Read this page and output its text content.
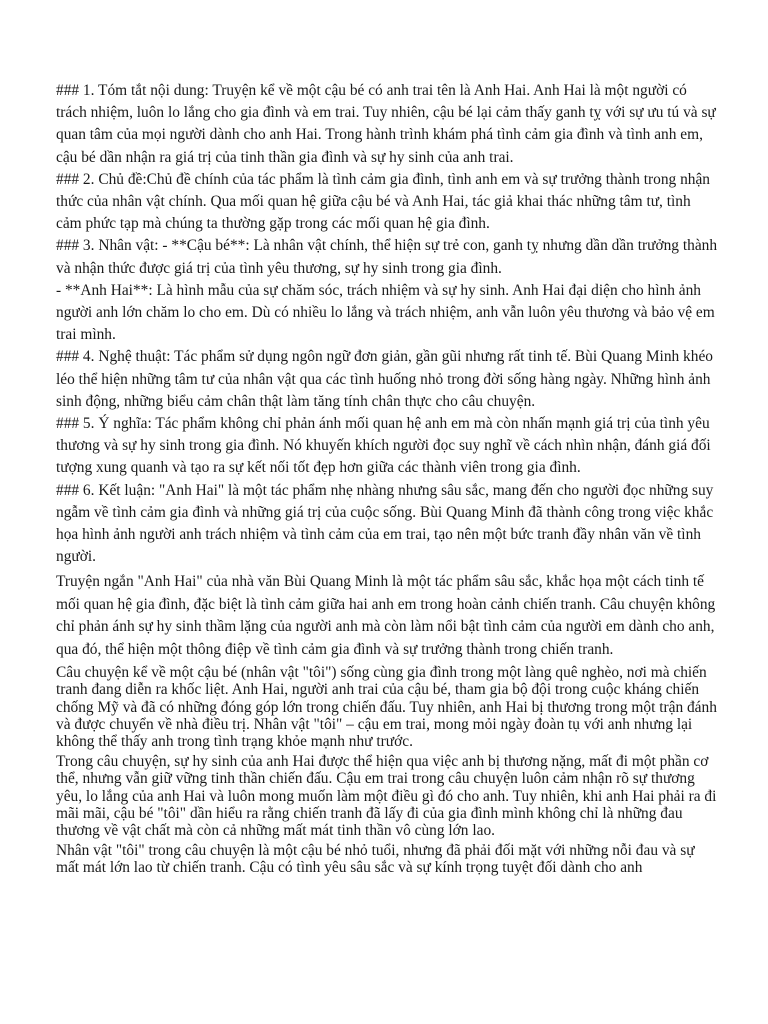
### 1. Tóm tắt nội dung: Truyện kể về một cậu bé có anh trai tên là Anh Hai. Anh Hai là một người có trách nhiệm, luôn lo lắng cho gia đình và em trai. Tuy nhiên, cậu bé lại cảm thấy ganh tỵ với sự ưu tú và sự quan tâm của mọi người dành cho anh Hai. Trong hành trình khám phá tình cảm gia đình và tình anh em, cậu bé dần nhận ra giá trị của tinh thần gia đình và sự hy sinh của anh trai.

### 2. Chủ đề:Chủ đề chính của tác phẩm là tình cảm gia đình, tình anh em và sự trưởng thành trong nhận thức của nhân vật chính. Qua mối quan hệ giữa cậu bé và Anh Hai, tác giả khai thác những tâm tư, tình cảm phức tạp mà chúng ta thường gặp trong các mối quan hệ gia đình.

### 3. Nhân vật: - **Cậu bé**: Là nhân vật chính, thể hiện sự trẻ con, ganh tỵ nhưng dần dần trưởng thành và nhận thức được giá trị của tình yêu thương, sự hy sinh trong gia đình.

- **Anh Hai**: Là hình mẫu của sự chăm sóc, trách nhiệm và sự hy sinh. Anh Hai đại diện cho hình ảnh người anh lớn chăm lo cho em. Dù có nhiều lo lắng và trách nhiệm, anh vẫn luôn yêu thương và bảo vệ em trai mình.

### 4. Nghệ thuật: Tác phẩm sử dụng ngôn ngữ đơn giản, gần gũi nhưng rất tinh tế. Bùi Quang Minh khéo léo thể hiện những tâm tư của nhân vật qua các tình huống nhỏ trong đời sống hàng ngày. Những hình ảnh sinh động, những biểu cảm chân thật làm tăng tính chân thực cho câu chuyện.

### 5. Ý nghĩa: Tác phẩm không chỉ phản ánh mối quan hệ anh em mà còn nhấn mạnh giá trị của tình yêu thương và sự hy sinh trong gia đình. Nó khuyến khích người đọc suy nghĩ về cách nhìn nhận, đánh giá đối tượng xung quanh và tạo ra sự kết nối tốt đẹp hơn giữa các thành viên trong gia đình.

### 6. Kết luận: "Anh Hai" là một tác phẩm nhẹ nhàng nhưng sâu sắc, mang đến cho người đọc những suy ngẫm về tình cảm gia đình và những giá trị của cuộc sống. Bùi Quang Minh đã thành công trong việc khắc họa hình ảnh người anh trách nhiệm và tình cảm của em trai, tạo nên một bức tranh đầy nhân văn về tình người.

Truyện ngắn "Anh Hai" của nhà văn Bùi Quang Minh là một tác phẩm sâu sắc, khắc họa một cách tinh tế mối quan hệ gia đình, đặc biệt là tình cảm giữa hai anh em trong hoàn cảnh chiến tranh. Câu chuyện không chỉ phản ánh sự hy sinh thầm lặng của người anh mà còn làm nổi bật tình cảm của người em dành cho anh, qua đó, thể hiện một thông điệp về tình cảm gia đình và sự trưởng thành trong chiến tranh.

Câu chuyện kể về một cậu bé (nhân vật "tôi") sống cùng gia đình trong một làng quê nghèo, nơi mà chiến tranh đang diễn ra khốc liệt. Anh Hai, người anh trai của cậu bé, tham gia bộ đội trong cuộc kháng chiến chống Mỹ và đã có những đóng góp lớn trong chiến đấu. Tuy nhiên, anh Hai bị thương trong một trận đánh và được chuyển về nhà điều trị. Nhân vật "tôi" – cậu em trai, mong mỏi ngày đoàn tụ với anh nhưng lại không thể thấy anh trong tình trạng khỏe mạnh như trước.

Trong câu chuyện, sự hy sinh của anh Hai được thể hiện qua việc anh bị thương nặng, mất đi một phần cơ thể, nhưng vẫn giữ vững tinh thần chiến đấu. Cậu em trai trong câu chuyện luôn cảm nhận rõ sự thương yêu, lo lắng của anh Hai và luôn mong muốn làm một điều gì đó cho anh. Tuy nhiên, khi anh Hai phải ra đi mãi mãi, cậu bé "tôi" dần hiểu ra rằng chiến tranh đã lấy đi của gia đình mình không chỉ là những đau thương về vật chất mà còn cả những mất mát tinh thần vô cùng lớn lao.

Nhân vật "tôi" trong câu chuyện là một cậu bé nhỏ tuổi, nhưng đã phải đối mặt với những nỗi đau và sự mất mát lớn lao từ chiến tranh. Cậu có tình yêu sâu sắc và sự kính trọng tuyệt đối dành cho anh
